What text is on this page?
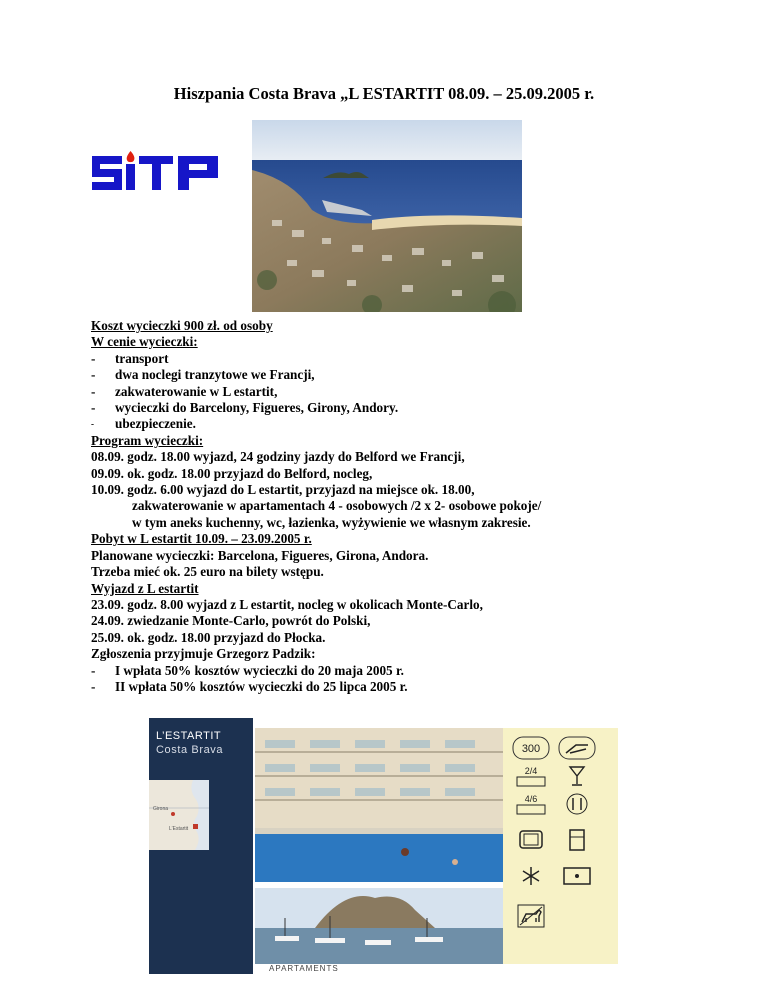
Hiszpania Costa Brava „L ESTARTIT 08.09. – 25.09.2005 r.
Koszt wycieczki 900 zł. od osoby
W cenie wycieczki:
-	transport
-	dwa noclegi tranzytowe we Francji,
-	zakwaterowanie w L estartit,
-	wycieczki do Barcelony, Figueres, Girony, Andory.
-	ubezpieczenie.
Program wycieczki:
08.09. godz. 18.00 wyjazd, 24 godziny jazdy do Belford we Francji,
09.09. ok. godz. 18.00 przyjazd do Belford, nocleg,
10.09. godz. 6.00 wyjazd do L estartit, przyjazd na miejsce ok. 18.00,
zakwaterowanie w apartamentach 4 - osobowych /2 x 2- osobowe pokoje/
w tym aneks kuchenny, wc, łazienka, wyżywienie we własnym zakresie.
Pobyt w L estartit 10.09. – 23.09.2005 r.
Planowane wycieczki: Barcelona, Figueres, Girona, Andora.
Trzeba mieć ok. 25 euro na bilety wstępu.
Wyjazd z L estartit
23.09. godz. 8.00 wyjazd z L estartit, nocleg w okolicach Monte-Carlo,
24.09. zwiedzanie Monte-Carlo, powrót do Polski,
25.09. ok. godz. 18.00 przyjazd do Płocka.
Zgłoszenia przyjmuje Grzegorz Padzik:
-	I wpłata 50% kosztów wycieczki do 20 maja 2005 r.
-	II wpłata 50% kosztów wycieczki do 25 lipca 2005 r.
L’ESTARTIT
Costa Brava
Girona
L’Estartit
300
2/4
4/6
APARTAMENTS
